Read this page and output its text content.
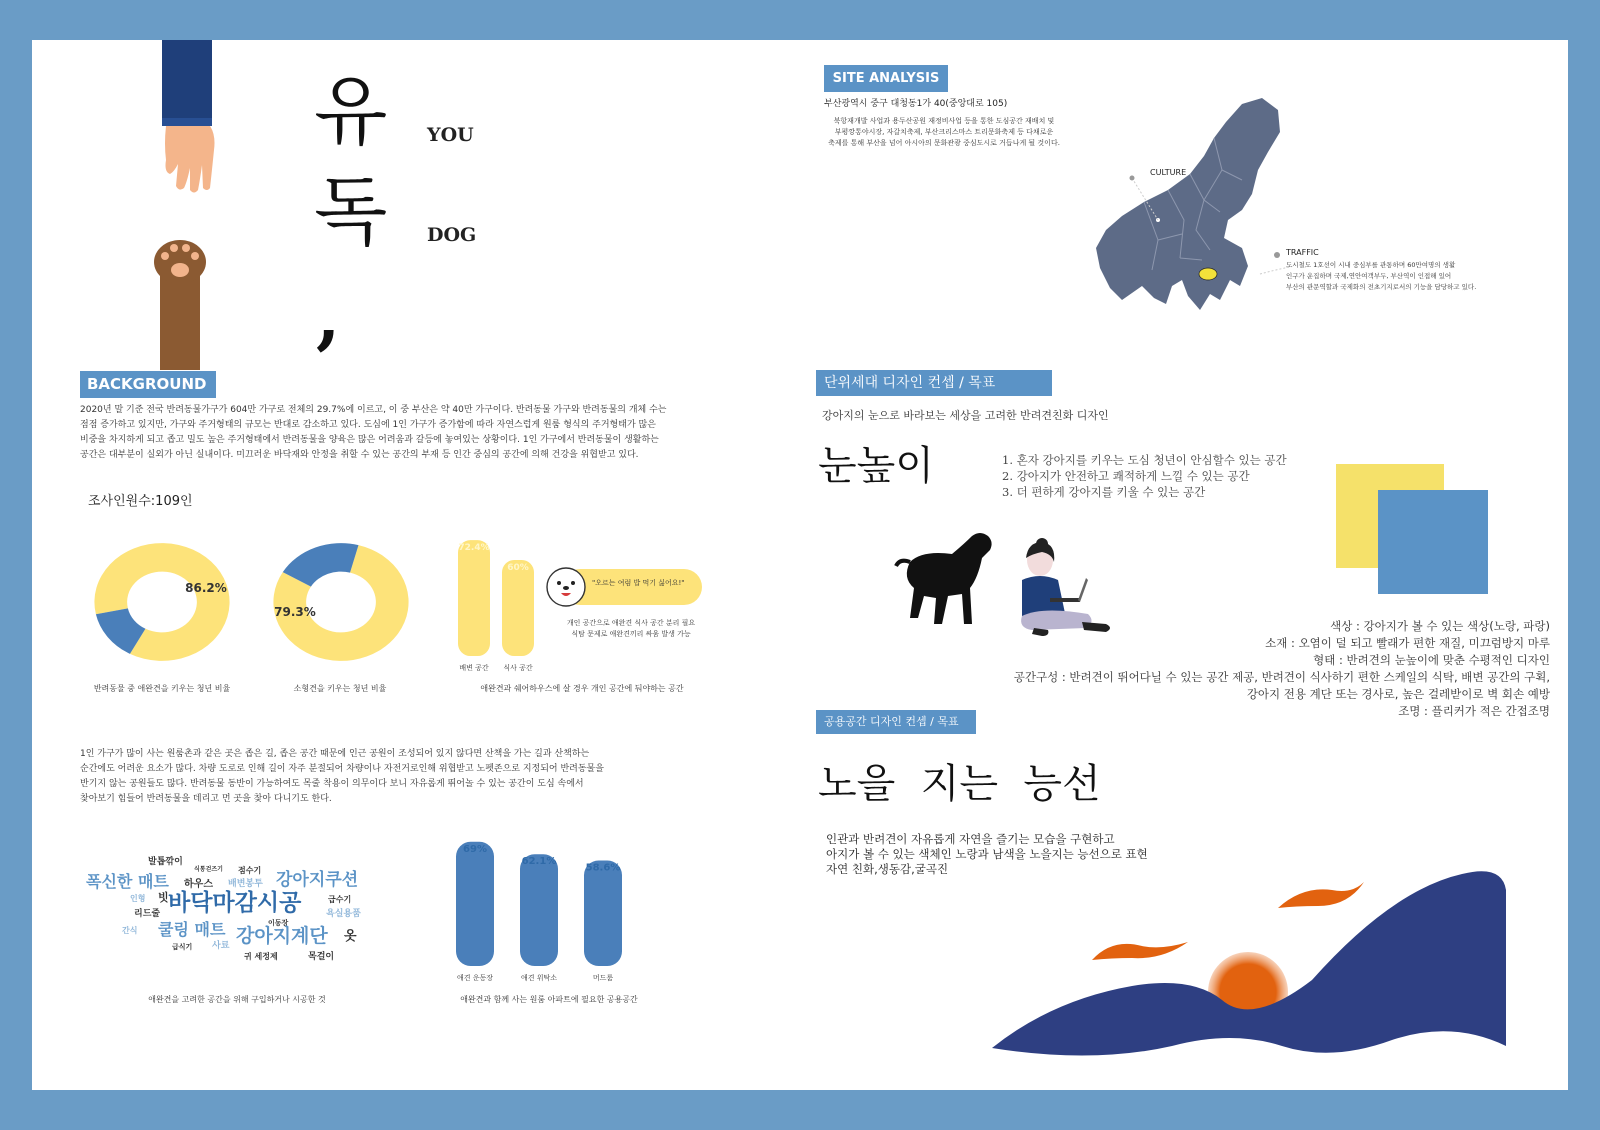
유
독
,
YOU
DOG
BACKGROUND
2020년 말 기준 전국 반려동물가구가 604만 가구로 전체의 29.7%에 이르고, 이 중 부산은 약 40만 가구이다. 반려동물 가구와 반려동물의 개체 수는
점점 증가하고 있지만, 가구와 주거형태의 규모는 반대로 감소하고 있다. 도심에 1인 가구가 증가함에 따라 자연스럽게 원룸 형식의 주거형태가 많은
비중을 차지하게 되고 좁고 밀도 높은 주거형태에서 반려동물을 양육은 많은 어려움과 갈등에 놓여있는 상황이다. 1인 가구에서 반려동물이 생활하는
공간은 대부분이 실외가 아닌 실내이다. 미끄러운 바닥재와 안정을 취할 수 있는 공간의 부재 등 인간 중심의 공간에 의해 건강을 위협받고 있다.
조사인원수:109인
86.2%
반려동물 중 애완견을 키우는 청년 비율
79.3%
소형견을 키우는 청년 비율
72.4%
배변 공간
60%
식사 공간
애완견과 쉐어하우스에 살 경우 개인 공간에 둬야하는 공간
"오르는 여럼 밥 먹기 싫어요!"
개인 공간으로 애완견 식사 공간 분리 필요
식탐 문제로 애완견끼리 싸움 발생 가능
1인 가구가 많이 사는 원룸촌과 같은 곳은 좁은 길, 좁은 공간 때문에 인근 공원이 조성되어 있지 않다면 산책을 가는 길과 산책하는
순간에도 어려운 요소가 많다. 차량 도로로 인해 길이 자주 분절되어 차량이나 자전거로인해 위협받고 노펫존으로 지정되어 반려동물을
반기지 않는 공원들도 많다. 반려동물 동반이 가능하여도 목줄 착용이 의무이다 보니 자유롭게 뛰어놀 수 있는 공간이 도심 속에서
찾아보기 힘들어 반려동물을 데리고 먼 곳을 찾아 다니기도 한다.
발톱깎이
식통걷즈기 점수기
폭신한 매트 하우스 배변봉투 강아지쿠션
인형 빗 바닥마감시공	급수기
리드줄
이동장
욕실용품
간식 쿨링 매트 강아지계단 옷
급식기 사료
귀 세정제	목걸이
애완견을 고려한 공간을 위해 구입하거나 시공한 것
69%
애견 운동장
62.1%
애견 위탁소
58.6%
머드룸
애완견과 함께 사는 원룸 아파트에 필요한 공용공간
SITE ANALYSIS
부산광역시 중구 대청동1가 40(중앙대로 105)
북항재개발 사업과 용두산공원 재정비사업 등을 통한 도심공간 재배치 및
부평깡통야시장, 자갈치축제, 부산크리스마스 트리문화축제 등 다채로운
축제를 통해 부산을 넘어 아시아의 문화관광 중심도시로 거듭나게 될 것이다.
CULTURE
TRAFFIC
도시철도 1호선이 시내 중심부를 관통하며 60만여명의 생활
인구가 운집하며 국제,연안여객부두, 부산역이 인접해 있어
부산의 관문역할과 국제화의 전초기지로서의 기능을 담당하고 있다.
단위세대 디자인 컨셉 / 목표
강아지의 눈으로 바라보는 세상을 고려한 반려견친화 디자인
눈높이	1. 혼자 강아지를 키우는 도심 청년이 안심할수 있는 공간
2. 강아지가 안전하고 쾌적하게 느낄 수 있는 공간
3. 더 편하게 강아지를 키울 수 있는 공간
색상 : 강아지가 볼 수 있는 색상(노랑, 파랑)
소재 : 오염이 덜 되고 빨래가 편한 재질, 미끄럼방지 마루
형태 : 반려견의 눈높이에 맞춘 수평적인 디자인
공간구성 : 반려견이 뛰어다닐 수 있는 공간 제공, 반려견이 식사하기 편한 스케일의 식탁, 배변 공간의 구획,
강아지 전용 계단 또는 경사로, 높은 걸레받이로 벽 회손 예방
조명 : 플리커가 적은 간접조명
공용공간 디자인 컨셉 / 목표
노을  지는  능선
인관과 반려견이 자유롭게 자연을 즐기는 모습을 구현하고
아지가 볼 수 있는 색체인 노랑과 남색을 노을지는 능선으로 표현
자연 친화,생동감,굴곡진
